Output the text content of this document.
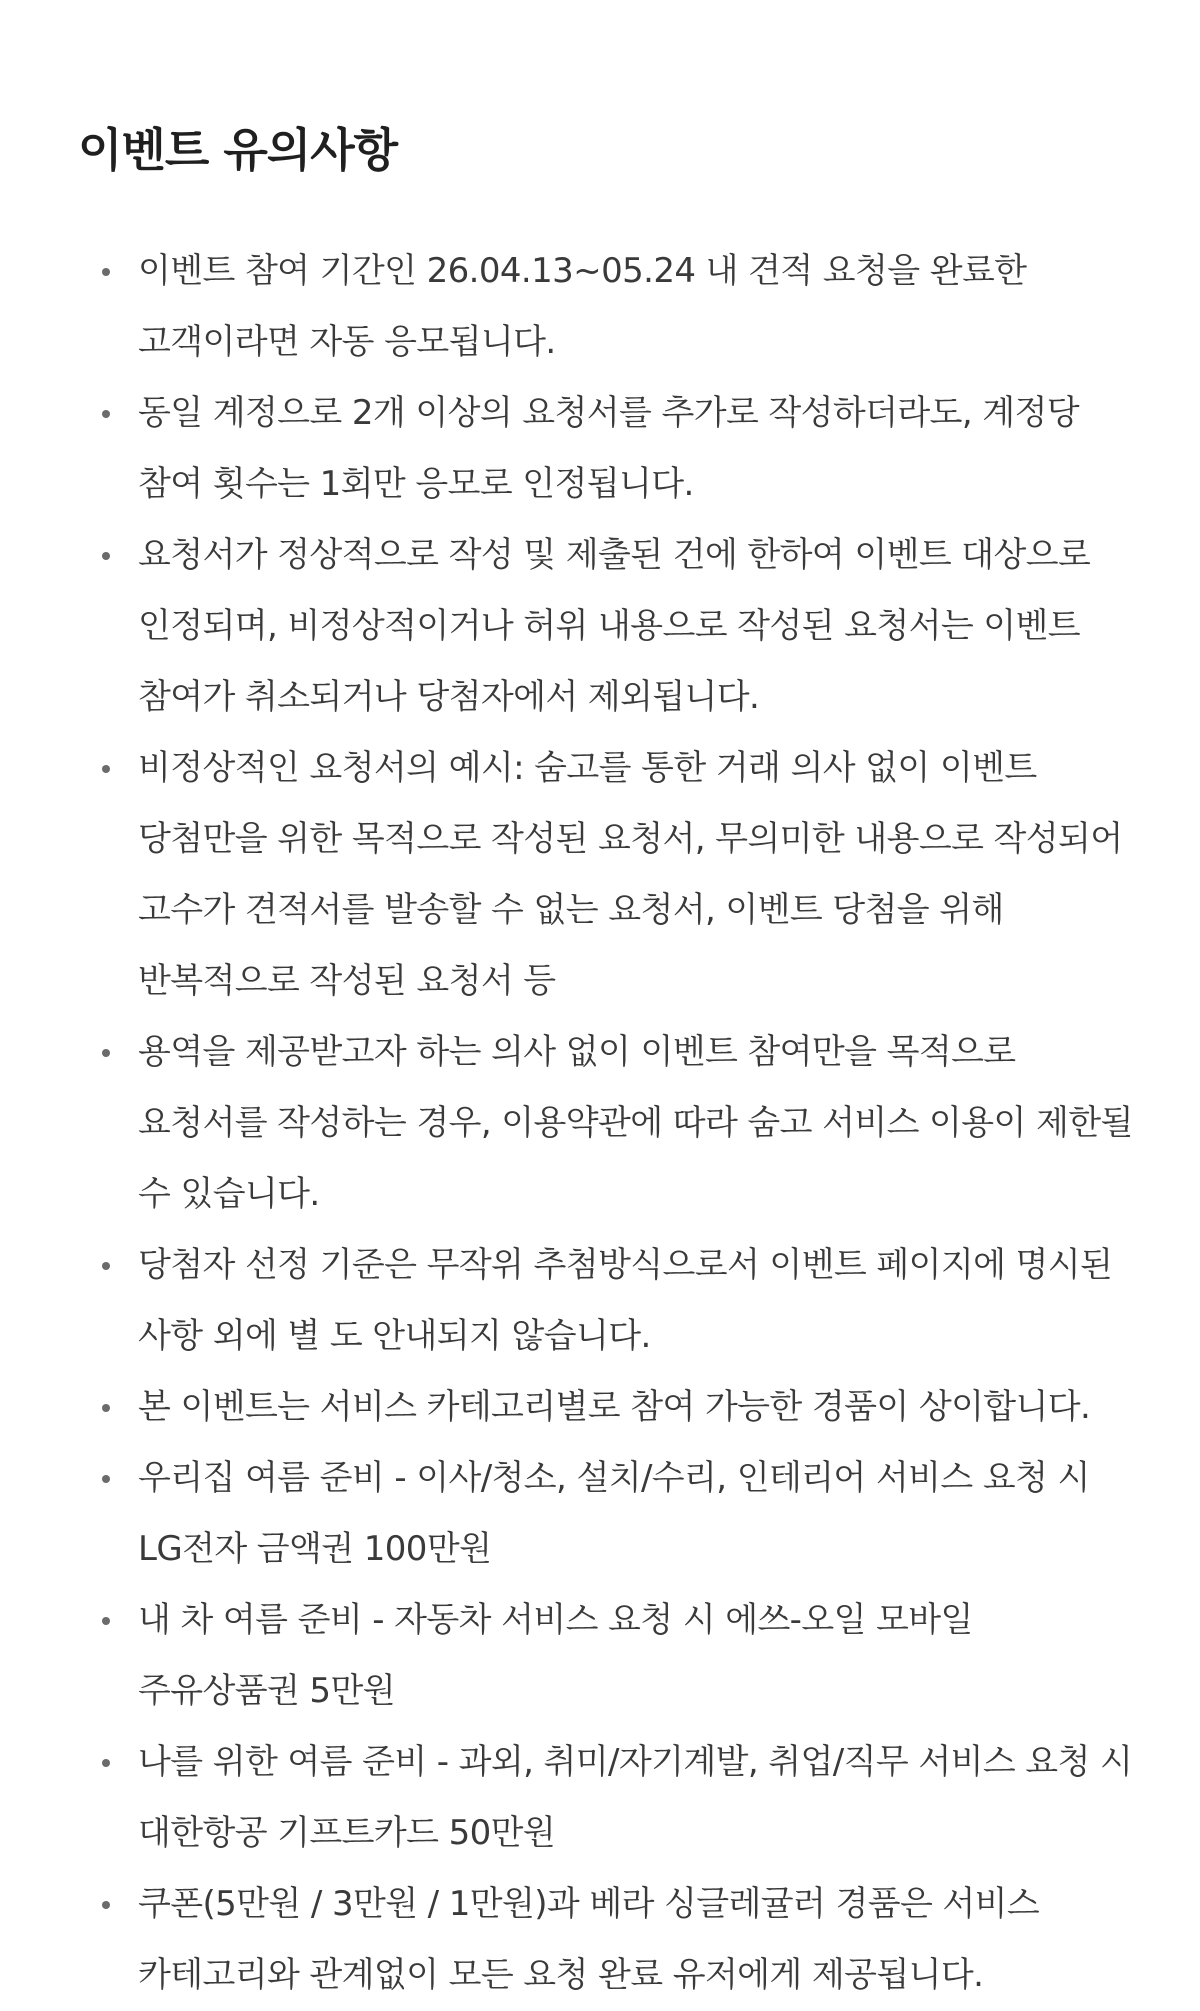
이벤트 유의사항
이벤트 참여 기간인 26.04.13~05.24 내 견적 요청을 완료한 고객이라면 자동 응모됩니다.
동일 계정으로 2개 이상의 요청서를 추가로 작성하더라도, 계정당 참여 횟수는 1회만 응모로 인정됩니다.
요청서가 정상적으로 작성 및 제출된 건에 한하여 이벤트 대상으로 인정되며, 비정상적이거나 허위 내용으로 작성된 요청서는 이벤트 참여가 취소되거나 당첨자에서 제외됩니다.
비정상적인 요청서의 예시: 숨고를 통한 거래 의사 없이 이벤트 당첨만을 위한 목적으로 작성된 요청서, 무의미한 내용으로 작성되어 고수가 견적서를 발송할 수 없는 요청서, 이벤트 당첨을 위해 반복적으로 작성된 요청서 등
용역을 제공받고자 하는 의사 없이 이벤트 참여만을 목적으로 요청서를 작성하는 경우, 이용약관에 따라 숨고 서비스 이용이 제한될 수 있습니다.
당첨자 선정 기준은 무작위 추첨방식으로서 이벤트 페이지에 명시된 사항 외에 별 도 안내되지 않습니다.
본 이벤트는 서비스 카테고리별로 참여 가능한 경품이 상이합니다.
우리집 여름 준비 - 이사/청소, 설치/수리, 인테리어 서비스 요청 시 LG전자 금액권 100만원
내 차 여름 준비 - 자동차 서비스 요청 시 에쓰-오일 모바일 주유상품권 5만원
나를 위한 여름 준비 - 과외, 취미/자기계발, 취업/직무 서비스 요청 시 대한항공 기프트카드 50만원
쿠폰(5만원 / 3만원 / 1만원)과 베라 싱글레귤러 경품은 서비스 카테고리와 관계없이 모든 요청 완료 유저에게 제공됩니다.
